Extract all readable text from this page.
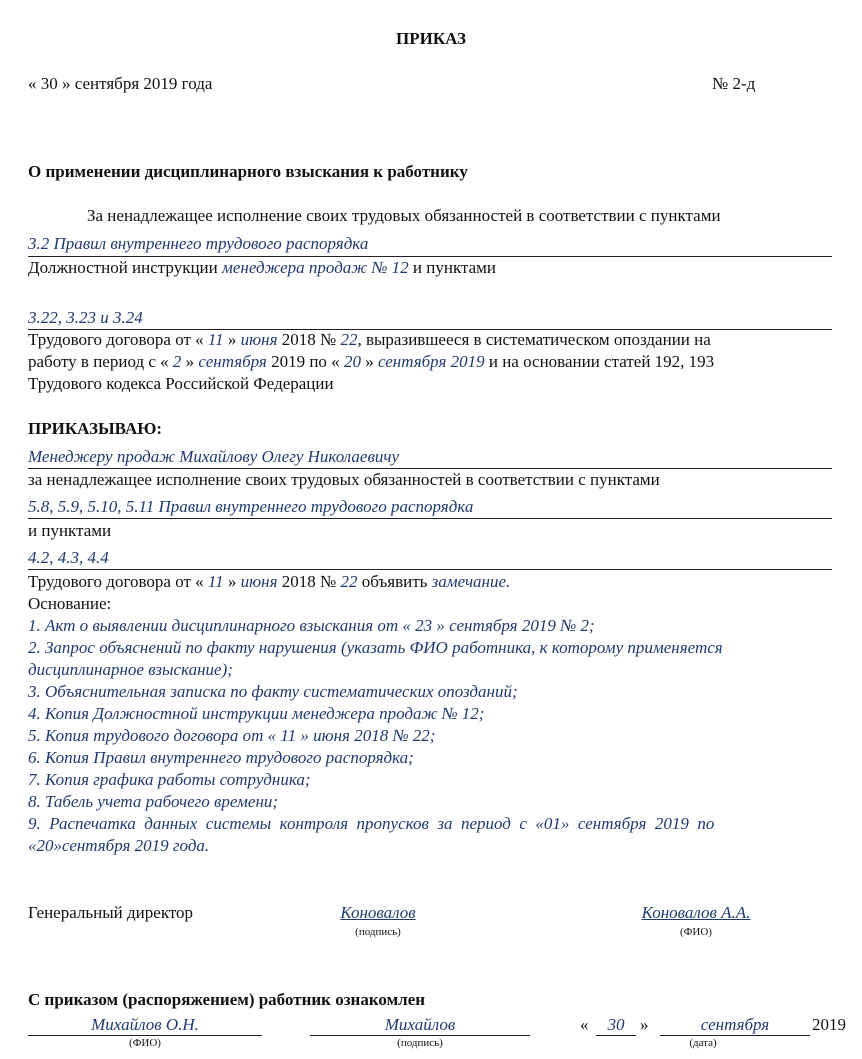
ПРИКАЗ
« 30 » сентября 2019 года	№ 2-д
О применении дисциплинарного взыскания к работнику
За ненадлежащее исполнение своих трудовых обязанностей в соответствии с пунктами
3.2 Правил внутреннего трудового распорядка
Должностной инструкции менеджера продаж № 12 и пунктами
3.22, 3.23 и 3.24
Трудового договора от « 11 » июня 2018 № 22, выразившееся в систематическом опоздании на
работу в период с « 2 » сентября 2019 по « 20 » сентября 2019 и на основании статей 192, 193
Трудового кодекса Российской Федерации
ПРИКАЗЫВАЮ:
Менеджеру продаж Михайлову Олегу Николаевичу
за ненадлежащее исполнение своих трудовых обязанностей в соответствии с пунктами
5.8, 5.9, 5.10, 5.11 Правил внутреннего трудового распорядка
и пунктами
4.2, 4.3, 4.4
Трудового договора от « 11 » июня 2018 № 22 объявить замечание.
Основание:
1. Акт о выявлении дисциплинарного взыскания от « 23 » сентября 2019 № 2;
2. Запрос объяснений по факту нарушения (указать ФИО работника, к которому применяется
дисциплинарное взыскание);
3. Объяснительная записка по факту систематических опозданий;
4. Копия Должностной инструкции менеджера продаж № 12;
5. Копия трудового договора от « 11 » июня 2018 № 22;
6. Копия Правил внутреннего трудового распорядка;
7. Копия графика работы сотрудника;
8. Табель учета рабочего времени;
9.  Распечатка  данных  системы  контроля  пропусков  за  период  с  «01»  сентября  2019  по
«20»сентября 2019 года.
Генеральный директор	Коновалов
(подпись)
Коновалов А.А.
(ФИО)
С приказом (распоряжением) работник ознакомлен
Михайлов О.Н.
(ФИО)
Михайлов
(подпись)
«	30 »	сентября	2019
(дата)
